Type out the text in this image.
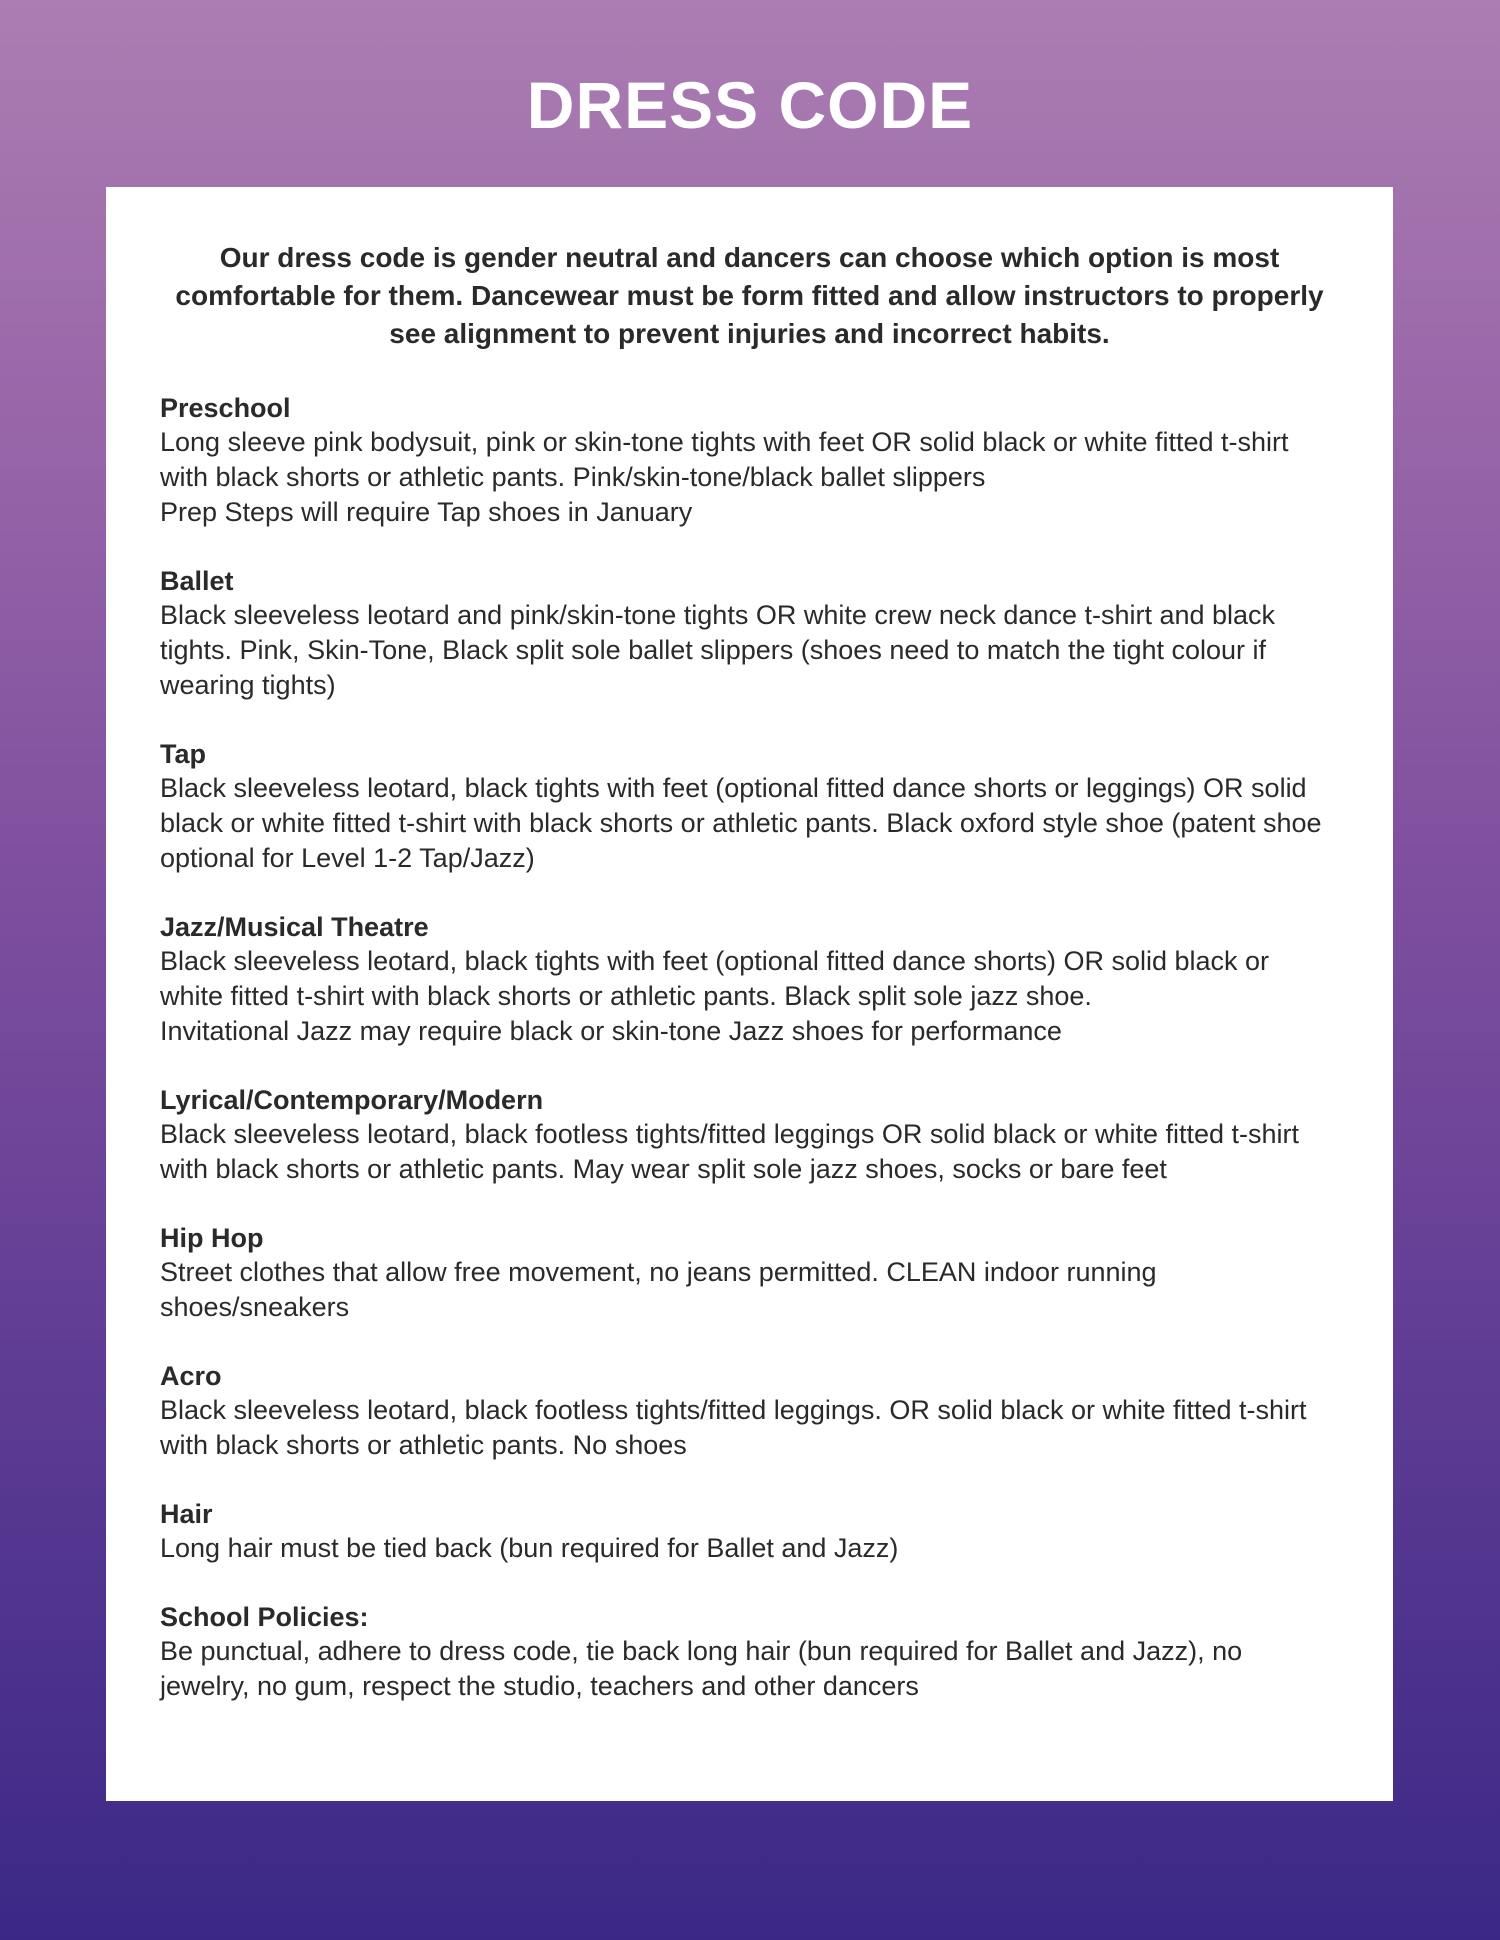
DRESS CODE

Our dress code is gender neutral and dancers can choose which option is most comfortable for them. Dancewear must be form fitted and allow instructors to properly see alignment to prevent injuries and incorrect habits.

Preschool

Long sleeve pink bodysuit, pink or skin-tone tights with feet OR solid black or white fitted t-shirt with black shorts or athletic pants. Pink/skin-tone/black ballet slippers
Prep Steps will require Tap shoes in January

Ballet

Black sleeveless leotard and pink/skin-tone tights OR white crew neck dance t-shirt and black tights. Pink, Skin-Tone, Black split sole ballet slippers (shoes need to match the tight colour if wearing tights)

Tap

Black sleeveless leotard, black tights with feet (optional fitted dance shorts or leggings) OR solid black or white fitted t-shirt with black shorts or athletic pants. Black oxford style shoe (patent shoe optional for Level 1-2 Tap/Jazz)

Jazz/Musical Theatre

Black sleeveless leotard, black tights with feet (optional fitted dance shorts) OR solid black or white fitted t-shirt with black shorts or athletic pants. Black split sole jazz shoe.
Invitational Jazz may require black or skin-tone Jazz shoes for performance

Lyrical/Contemporary/Modern

Black sleeveless leotard, black footless tights/fitted leggings OR solid black or white fitted t-shirt with black shorts or athletic pants. May wear split sole jazz shoes, socks or bare feet

Hip Hop

Street clothes that allow free movement, no jeans permitted. CLEAN indoor running shoes/sneakers

Acro

Black sleeveless leotard, black footless tights/fitted leggings. OR solid black or white fitted t-shirt with black shorts or athletic pants. No shoes

Hair

Long hair must be tied back (bun required for Ballet and Jazz)

School Policies:

Be punctual, adhere to dress code, tie back long hair (bun required for Ballet and Jazz), no jewelry, no gum, respect the studio, teachers and other dancers
